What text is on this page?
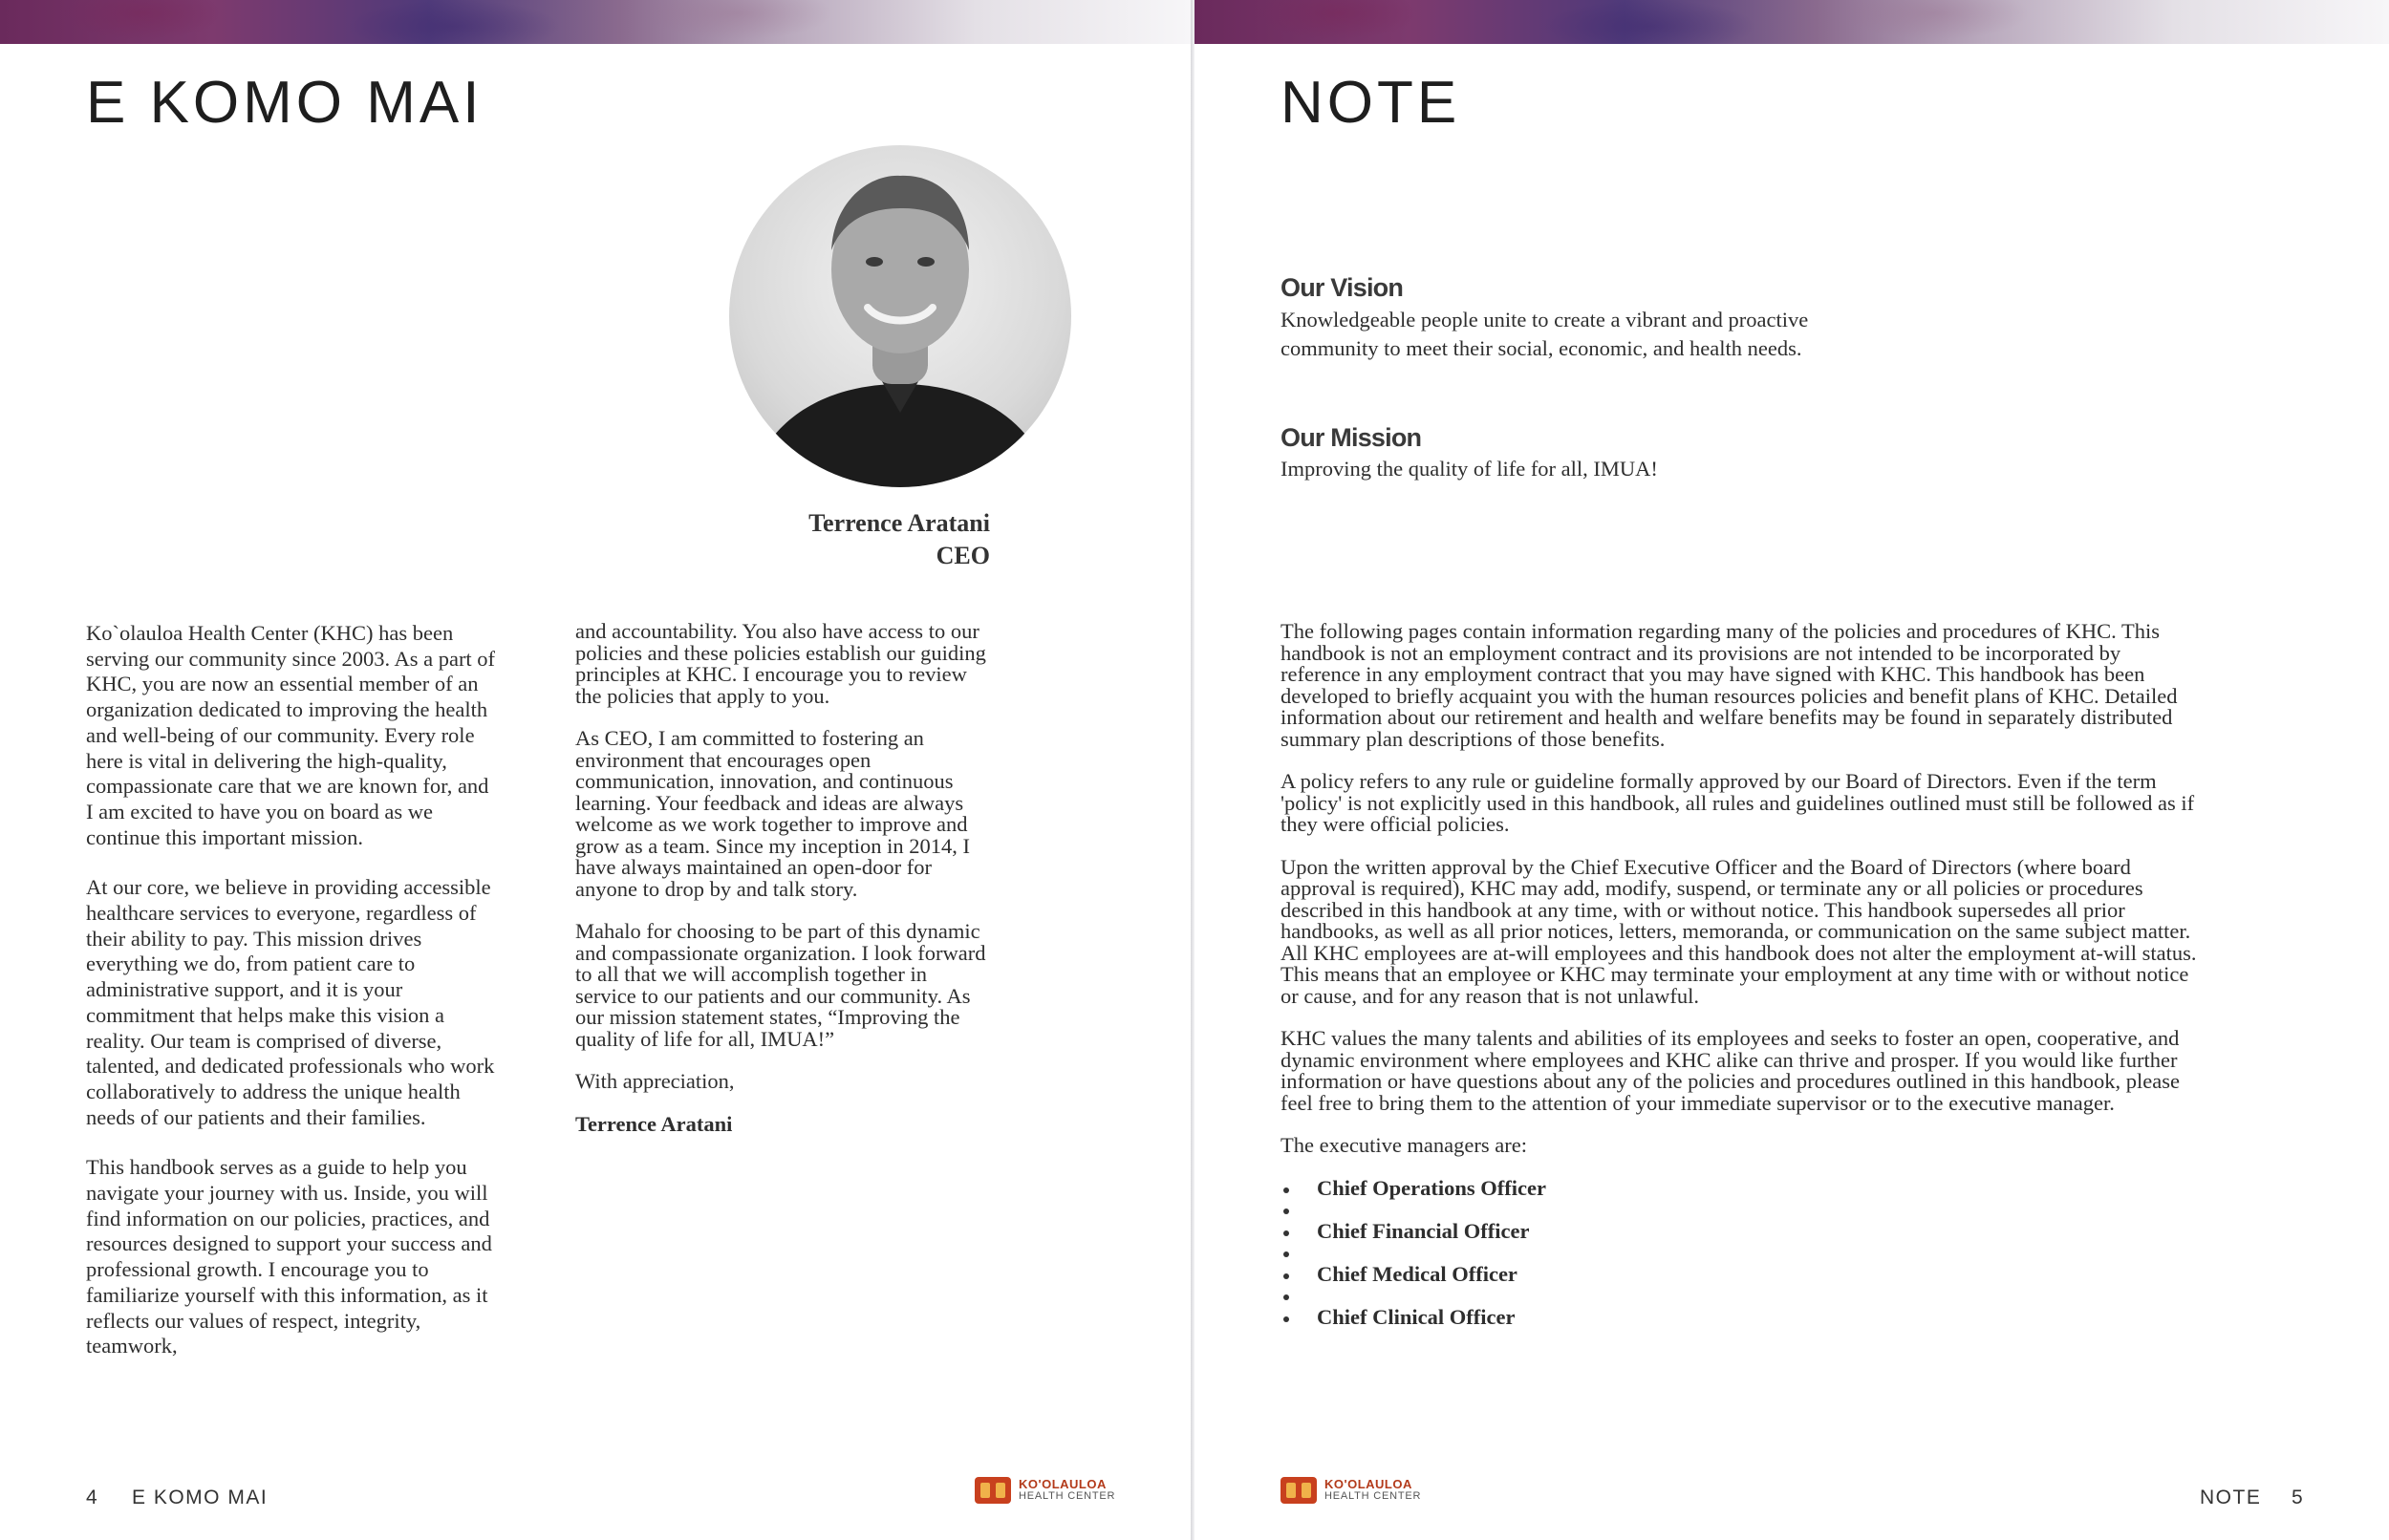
E KOMO MAI
Terrence Aratani
CEO

Ko`olauloa Health Center (KHC) has been serving our community since 2003. As a part of KHC, you are now an essential member of an organization dedicated to improving the health and well-being of our community. Every role here is vital in delivering the high-quality, compassionate care that we are known for, and I am excited to have you on board as we continue this important mission.

At our core, we believe in providing accessible healthcare services to everyone, regardless of their ability to pay. This mission drives everything we do, from patient care to administrative support, and it is your commitment that helps make this vision a reality. Our team is comprised of diverse, talented, and dedicated professionals who work collaboratively to address the unique health needs of our patients and their families.

This handbook serves as a guide to help you navigate your journey with us. Inside, you will find information on our policies, practices, and resources designed to support your success and professional growth. I encourage you to familiarize yourself with this information, as it reflects our values of respect, integrity, teamwork,

and accountability. You also have access to our policies and these policies establish our guiding principles at KHC. I encourage you to review the policies that apply to you.

As CEO, I am committed to fostering an environment that encourages open communication, innovation, and continuous learning. Your feedback and ideas are always welcome as we work together to improve and grow as a team. Since my inception in 2014, I have always maintained an open-door for anyone to drop by and talk story.

Mahalo for choosing to be part of this dynamic and compassionate organization. I look forward to all that we will accomplish together in service to our patients and our community. As our mission statement states, “Improving the quality of life for all, IMUA!”

With appreciation,

Terrence Aratani

4 E KOMO MAI
KO'OLAULOA
HEALTH CENTER
NOTE
Our Vision

Knowledgeable people unite to create a vibrant and proactive community to meet their social, economic, and health needs.

Our Mission

Improving the quality of life for all, IMUA!

The following pages contain information regarding many of the policies and procedures of KHC. This handbook is not an employment contract and its provisions are not intended to be incorporated by reference in any employment contract that you may have signed with KHC. This handbook has been developed to briefly acquaint you with the human resources policies and benefit plans of KHC. Detailed information about our retirement and health and welfare benefits may be found in separately distributed summary plan descriptions of those benefits.

A policy refers to any rule or guideline formally approved by our Board of Directors. Even if the term 'policy' is not explicitly used in this handbook, all rules and guidelines outlined must still be followed as if they were official policies.

Upon the written approval by the Chief Executive Officer and the Board of Directors (where board approval is required), KHC may add, modify, suspend, or terminate any or all policies or procedures described in this handbook at any time, with or without notice. This handbook supersedes all prior handbooks, as well as all prior notices, letters, memoranda, or communication on the same subject matter. All KHC employees are at-will employees and this handbook does not alter the employment at-will status. This means that an employee or KHC may terminate your employment at any time with or without notice or cause, and for any reason that is not unlawful.

KHC values the many talents and abilities of its employees and seeks to foster an open, cooperative, and dynamic environment where employees and KHC alike can thrive and prosper. If you would like further information or have questions about any of the policies and procedures outlined in this handbook, please feel free to bring them to the attention of your immediate supervisor or to the executive manager.

The executive managers are:

Chief Operations Officer
Chief Financial Officer
Chief Medical Officer
Chief Clinical Officer
KO'OLAULOA
HEALTH CENTER	NOTE 5
